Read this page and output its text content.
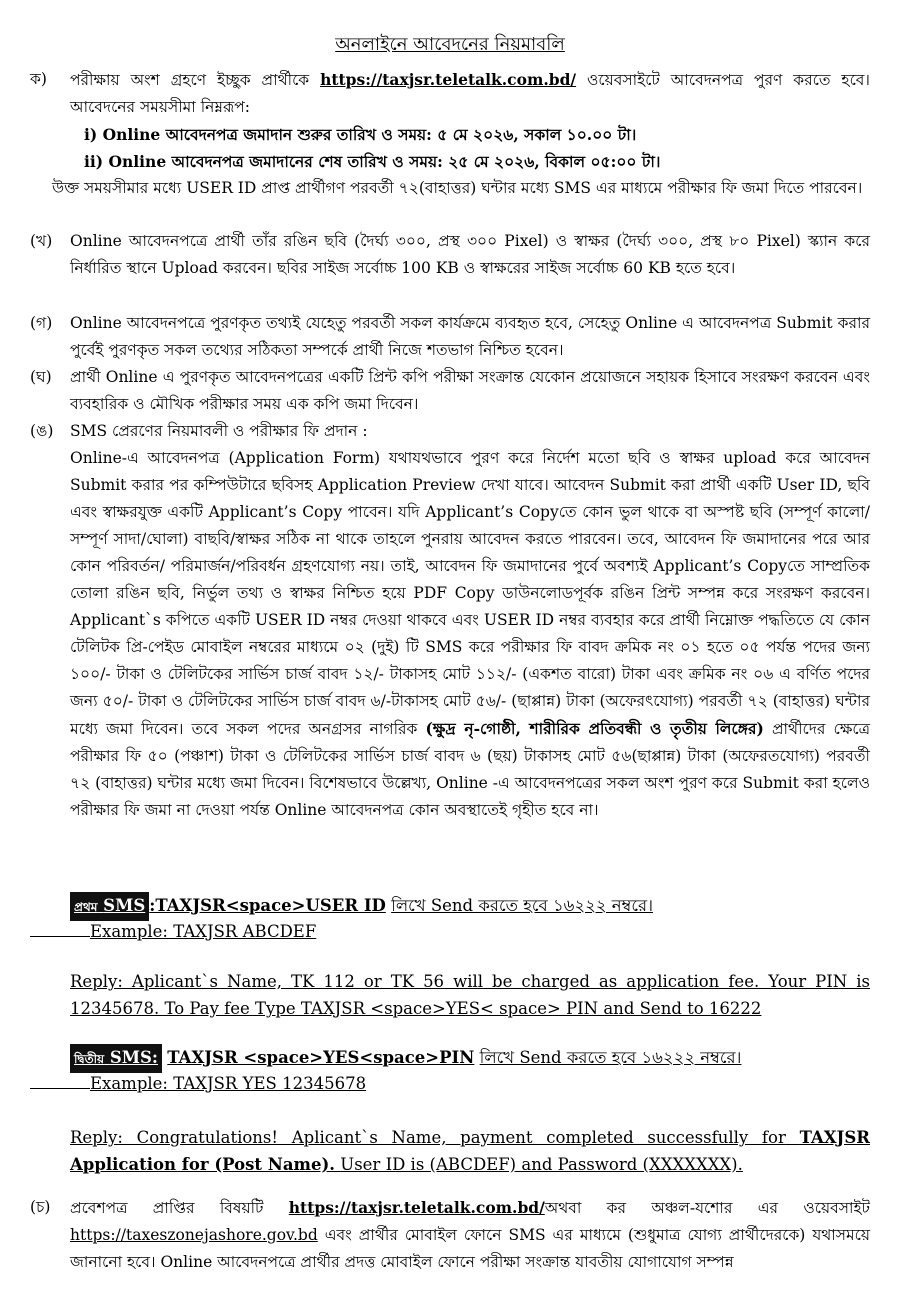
অনলাইনে আবেদনের নিয়মাবলি
ক)	পরীক্ষায় অংশ গ্রহণে ইচ্ছুক প্রার্থীকে https://taxjsr.teletalk.com.bd/ ওয়েবসাইটে আবেদনপত্র পুরণ করতে হবে। আবেদনের সময়সীমা নিম্নরূপ:
i) Online আবেদনপত্র জমাদান শুরুর তারিখ ও সময়: ৫ মে ২০২৬, সকাল ১০.০০ টা।
ii) Online আবেদনপত্র জমাদানের শেষ তারিখ ও সময়: ২৫ মে ২০২৬, বিকাল ০৫:০০ টা।
উক্ত সময়সীমার মধ্যে USER ID প্রাপ্ত প্রার্থীগণ পরবর্তী ৭২(বাহাত্তর) ঘন্টার মধ্যে SMS এর মাধ্যমে পরীক্ষার ফি জমা দিতে পারবেন।
(খ)	Online আবেদনপত্রে প্রার্থী তাঁর রঙিন ছবি (দৈর্ঘ্য ৩০০, প্রস্থ ৩০০ Pixel) ও স্বাক্ষর (দৈর্ঘ্য ৩০০, প্রস্থ ৮০ Pixel) স্ক্যান করে নির্ধারিত স্থানে Upload করবেন। ছবির সাইজ সর্বোচ্চ 100 KB ও স্বাক্ষরের সাইজ সর্বোচ্চ 60 KB হতে হবে।
(গ)	Online আবেদনপত্রে পুরণকৃত তথ্যই যেহেতু পরবর্তী সকল কার্যক্রমে ব্যবহৃত হবে, সেহেতু Online এ আবেদনপত্র Submit করার পুর্বেই পুরণকৃত সকল তথ্যের সঠিকতা সম্পর্কে প্রার্থী নিজে শতভাগ নিশ্চিত হবেন।
(ঘ)	প্রার্থী Online এ পুরণকৃত আবেদনপত্রের একটি প্রিন্ট কপি পরীক্ষা সংক্রান্ত যেকোন প্রয়োজনে সহায়ক হিসাবে সংরক্ষণ করবেন এবং ব্যবহারিক ও মৌখিক পরীক্ষার সময় এক কপি জমা দিবেন।
(ঙ)	SMS প্রেরণের নিয়মাবলী ও পরীক্ষার ফি প্রদান :
Online-এ আবেদনপত্র (Application Form) যথাযথভাবে পুরণ করে নির্দেশ মতো ছবি ও স্বাক্ষর upload করে আবেদন Submit করার পর কম্পিউটারে ছবিসহ Application Preview দেখা যাবে। আবেদন Submit করা প্রার্থী একটি User ID, ছবি এবং স্বাক্ষরযুক্ত একটি Applicant’s Copy পাবেন। যদি Applicant’s Copyতে কোন ভুল থাকে বা অস্পষ্ট ছবি (সম্পূর্ণ কালো/সম্পূর্ণ সাদা/ঘোলা) বাছবি/স্বাক্ষর সঠিক না থাকে তাহলে পুনরায় আবেদন করতে পারবেন। তবে, আবেদন ফি জমাদানের পরে আর কোন পরিবর্তন/ পরিমার্জন/পরিবর্ধন গ্রহণযোগ্য নয়। তাই, আবেদন ফি জমাদানের পুর্বে অবশ্যই Applicant’s Copyতে সাম্প্রতিক তোলা রঙিন ছবি, নির্ভুল তথ্য ও স্বাক্ষর নিশ্চিত হয়ে PDF Copy ডাউনলোডপূর্বক রঙিন প্রিন্ট সম্পন্ন করে সংরক্ষণ করবেন। Applicant`s কপিতে একটি USER ID নম্বর দেওয়া থাকবে এবং USER ID নম্বর ব্যবহার করে প্রার্থী নিম্নোক্ত পদ্ধতিতে যে কোন টেলিটক প্রি-পেইড মোবাইল নম্বরের মাধ্যমে ০২ (দুই) টি SMS করে পরীক্ষার ফি বাবদ ক্রমিক নং ০১ হতে ০৫ পর্যন্ত পদের জন্য ১০০/- টাকা ও টেলিটকের সার্ভিস চার্জ বাবদ ১২/- টাকাসহ মোট ১১২/- (একশত বারো) টাকা এবং ক্রমিক নং ০৬ এ বর্ণিত পদের জন্য ৫০/- টাকা ও টেলিটকের সার্ভিস চার্জ বাবদ ৬/-টাকাসহ মোট ৫৬/- (ছাপ্পান্ন) টাকা (অফেরৎযোগ্য) পরবর্তী ৭২ (বাহাত্তর) ঘন্টার মধ্যে জমা দিবেন। তবে সকল পদের অনগ্রসর নাগরিক (ক্ষুদ্র নৃ-গোষ্ঠী, শারীরিক প্রতিবন্ধী ও তৃতীয় লিঙ্গের) প্রার্থীদের ক্ষেত্রে পরীক্ষার ফি ৫০ (পঞ্চাশ) টাকা ও টেলিটকের সার্ভিস চার্জ বাবদ ৬ (ছয়) টাকাসহ মোট ৫৬(ছাপ্পান্ন) টাকা (অফেরতযোগ্য) পরবর্তী ৭২ (বাহাত্তর) ঘন্টার মধ্যে জমা দিবেন। বিশেষভাবে উল্লেখ্য, Online -এ আবেদনপত্রের সকল অংশ পুরণ করে Submit করা হলেও পরীক্ষার ফি জমা না দেওয়া পর্যন্ত Online আবেদনপত্র কোন অবস্থাতেই গৃহীত হবে না।
প্রথম SMS :TAXJSR<space>USER ID লিখে Send করতে হবে ১৬২২২ নম্বরে।
Example: TAXJSR ABCDEF
Reply: Aplicant`s Name, TK 112 or TK 56 will be charged as application fee. Your PIN is 12345678. To Pay fee Type TAXJSR <space>YES< space> PIN and Send to 16222
দ্বিতীয় SMS: TAXJSR <space>YES<space>PIN লিখে Send করতে হবে ১৬২২২ নম্বরে।
Example: TAXJSR YES 12345678
Reply: Congratulations! Aplicant`s Name, payment completed successfully for TAXJSR Application for (Post Name). User ID is (ABCDEF) and Password (XXXXXXX).
(চ)	প্রবেশপত্র প্রাপ্তির বিষয়টি https://taxjsr.teletalk.com.bd/অথবা কর অঞ্চল-যশোর এর ওয়েবসাইট https://taxeszonejashore.gov.bd এবং প্রার্থীর মোবাইল ফোনে SMS এর মাধ্যমে (শুধুমাত্র যোগ্য প্রার্থীদেরকে) যথাসময়ে জানানো হবে। Online আবেদনপত্রে প্রার্থীর প্রদত্ত মোবাইল ফোনে পরীক্ষা সংক্রান্ত যাবতীয় যোগাযোগ সম্পন্ন
